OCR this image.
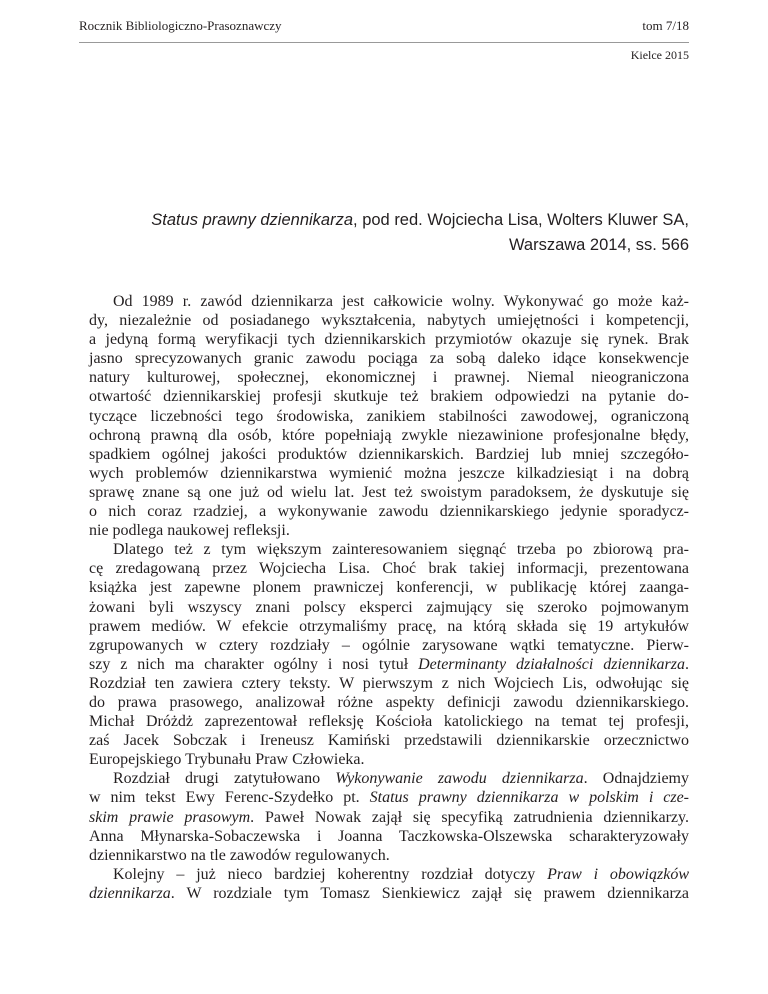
Rocznik Bibliologiczno-Prasoznawczy	tom 7/18
Kielce 2015
Status prawny dziennikarza, pod red. Wojciecha Lisa, Wolters Kluwer SA,
Warszawa 2014, ss. 566
Od 1989 r. zawód dziennikarza jest całkowicie wolny. Wykonywać go może każ-
dy, niezależnie od posiadanego wykształcenia, nabytych umiejętności i kompetencji,
a jedyną formą weryfikacji tych dziennikarskich przymiotów okazuje się rynek. Brak
jasno sprecyzowanych granic zawodu pociąga za sobą daleko idące konsekwencje
natury kulturowej, społecznej, ekonomicznej i prawnej. Niemal nieograniczona
otwartość dziennikarskiej profesji skutkuje też brakiem odpowiedzi na pytanie do-
tyczące liczebności tego środowiska, zanikiem stabilności zawodowej, ograniczoną
ochroną prawną dla osób, które popełniają zwykle niezawinione profesjonalne błędy,
spadkiem ogólnej jakości produktów dziennikarskich. Bardziej lub mniej szczegóło-
wych problemów dziennikarstwa wymienić można jeszcze kilkadziesiąt i na dobrą
sprawę znane są one już od wielu lat. Jest też swoistym paradoksem, że dyskutuje się
o nich coraz rzadziej, a wykonywanie zawodu dziennikarskiego jedynie sporadycz-
nie podlega naukowej refleksji.
Dlatego też z tym większym zainteresowaniem sięgnąć trzeba po zbiorową pra-
cę zredagowaną przez Wojciecha Lisa. Choć brak takiej informacji, prezentowana
książka jest zapewne plonem prawniczej konferencji, w publikację której zaanga-
żowani byli wszyscy znani polscy eksperci zajmujący się szeroko pojmowanym
prawem mediów. W efekcie otrzymaliśmy pracę, na którą składa się 19 artykułów
zgrupowanych w cztery rozdziały – ogólnie zarysowane wątki tematyczne. Pierw-
szy z nich ma charakter ogólny i nosi tytuł Determinanty działalności dziennikarza.
Rozdział ten zawiera cztery teksty. W pierwszym z nich Wojciech Lis, odwołując się
do prawa prasowego, analizował różne aspekty definicji zawodu dziennikarskiego.
Michał Dróżdż zaprezentował refleksję Kościoła katolickiego na temat tej profesji,
zaś Jacek Sobczak i Ireneusz Kamiński przedstawili dziennikarskie orzecznictwo
Europejskiego Trybunału Praw Człowieka.
Rozdział drugi zatytułowano Wykonywanie zawodu dziennikarza. Odnajdziemy
w nim tekst Ewy Ferenc-Szydełko pt. Status prawny dziennikarza w polskim i cze-
skim prawie prasowym. Paweł Nowak zajął się specyfiką zatrudnienia dziennikarzy.
Anna Młynarska-Sobaczewska i Joanna Taczkowska-Olszewska scharakteryzowały
dziennikarstwo na tle zawodów regulowanych.
Kolejny – już nieco bardziej koherentny rozdział dotyczy Praw i obowiązków
dziennikarza. W rozdziale tym Tomasz Sienkiewicz zajął się prawem dziennikarza
